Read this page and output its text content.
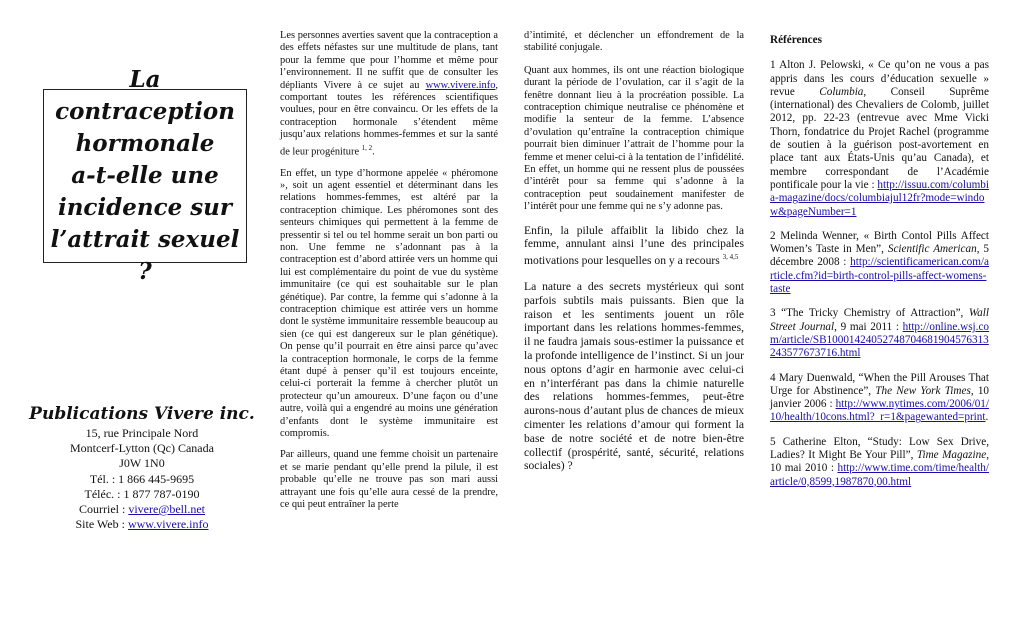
La contraception
hormonale
a-t-elle une
incidence sur
l’attrait sexuel ?
Publications Vivere inc.
15, rue Principale Nord
Montcerf-Lytton (Qc) Canada
J0W 1N0
Tél. : 1 866 445-9695
Téléc. : 1 877 787-0190
Courriel : vivere@bell.net
Site Web : www.vivere.info

Les personnes averties savent que la contraception a des effets néfastes sur une multitude de plans, tant pour la femme que pour l’homme et même pour l’environnement. Il ne suffit que de consulter les dépliants Vivere à ce sujet au www.vivere.info, comportant toutes les références scientifiques voulues, pour en être convaincu. Or les effets de la contraception hormonale s’étendent même jusqu’aux relations hommes-femmes et sur la santé de leur progéniture $^{1, 2}$.

En effet, un type d’hormone appelée « phéromone », soit un agent essentiel et déterminant dans les relations hommes-femmes, est altéré par la contraception chimique. Les phéromones sont des senteurs chimiques qui permettent à la femme de pressentir si tel ou tel homme serait un bon parti ou non. Une femme ne s’adonnant pas à la contraception est d’abord attirée vers un homme qui lui est complémentaire du point de vue du système immunitaire (ce qui est souhaitable sur le plan génétique). Par contre, la femme qui s’adonne à la contraception chimique est attirée vers un homme dont le système immunitaire ressemble beaucoup au sien (ce qui est dangereux sur le plan génétique). On pense qu’il pourrait en être ainsi parce qu’avec la contraception hormonale, le corps de la femme étant dupé à penser qu’il est toujours enceinte, celui-ci porterait la femme à chercher plutôt un protecteur qu’un amoureux. D’une façon ou d’une autre, voilà qui a engendré au moins une génération d’enfants dont le système immunitaire est compromis.

Par ailleurs, quand une femme choisit un partenaire et se marie pendant qu’elle prend la pilule, il est probable qu’elle ne trouve pas son mari aussi attrayant une fois qu’elle aura cessé de la prendre, ce qui peut entraîner la perte

d’intimité, et déclencher un effondrement de la stabilité conjugale.

Quant aux hommes, ils ont une réaction biologique durant la période de l’ovulation, car il s’agit de la fenêtre donnant lieu à la procréation possible. La contraception chimique neutralise ce phénomène et modifie la senteur de la femme. L’absence d’ovulation qu’entraîne la contraception chimique pourrait bien diminuer l’attrait de l’homme pour la femme et mener celui-ci à la tentation de l’infidélité. En effet, un homme qui ne ressent plus de poussées d’intérêt pour sa femme qui s’adonne à la contraception peut soudainement manifester de l’intérêt pour une femme qui ne s’y adonne pas.

Enfin, la pilule affaiblit la libido chez la femme, annulant ainsi l’une des principales motivations pour lesquelles on y a recours $^{3, 4,5}$

La nature a des secrets mystérieux qui sont parfois subtils mais puissants. Bien que la raison et les sentiments jouent un rôle important dans les relations hommes-femmes, il ne faudra jamais sous-estimer la puissance et la profonde intelligence de l’instinct. Si un jour nous optons d’agir en harmonie avec celui-ci en n’interférant pas dans la chimie naturelle des relations hommes-femmes, peut-être aurons-nous d’autant plus de chances de mieux cimenter les relations d’amour qui forment la base de notre société et de notre bien-être collectif (prospérité, santé, sécurité, relations sociales) ?

Références

1 Alton J. Pelowski, « Ce qu’on ne vous a pas appris dans les cours d’éducation sexuelle » revue Columbia, Conseil Suprême (international) des Chevaliers de Colomb, juillet 2012, pp. 22-23 (entrevue avec Mme Vicki Thorn, fondatrice du Projet Rachel (programme de soutien à la guérison post-avortement en place tant aux États-Unis qu’au Canada), et membre correspondant de l’Académie pontificale pour la vie : http://issuu.com/columbia-magazine/docs/columbiajul12fr?mode=window&pageNumber=1

2 Melinda Wenner, « Birth Contol Pills Affect Women’s Taste in Men”, Scientific American, 5 décembre 2008 : http://scientificamerican.com/article.cfm?id=birth-control-pills-affect-womens-taste

3 “The Tricky Chemistry of Attraction”, Wall Street Journal, 9 mai 2011 : http://online.wsj.com/article/SB10001424052748704681904576313243577673716.html

4 Mary Duenwald, “When the Pill Arouses That Urge for Abstinence”, The New York Times, 10 janvier 2006 : http://www.nytimes.com/2006/01/10/health/10cons.html?_r=1&pagewanted=print.

5 Catherine Elton, “Study: Low Sex Drive, Ladies? It Might Be Your Pill”, Time Magazine, 10 mai 2010 : http://www.time.com/time/health/article/0,8599,1987870,00.html
